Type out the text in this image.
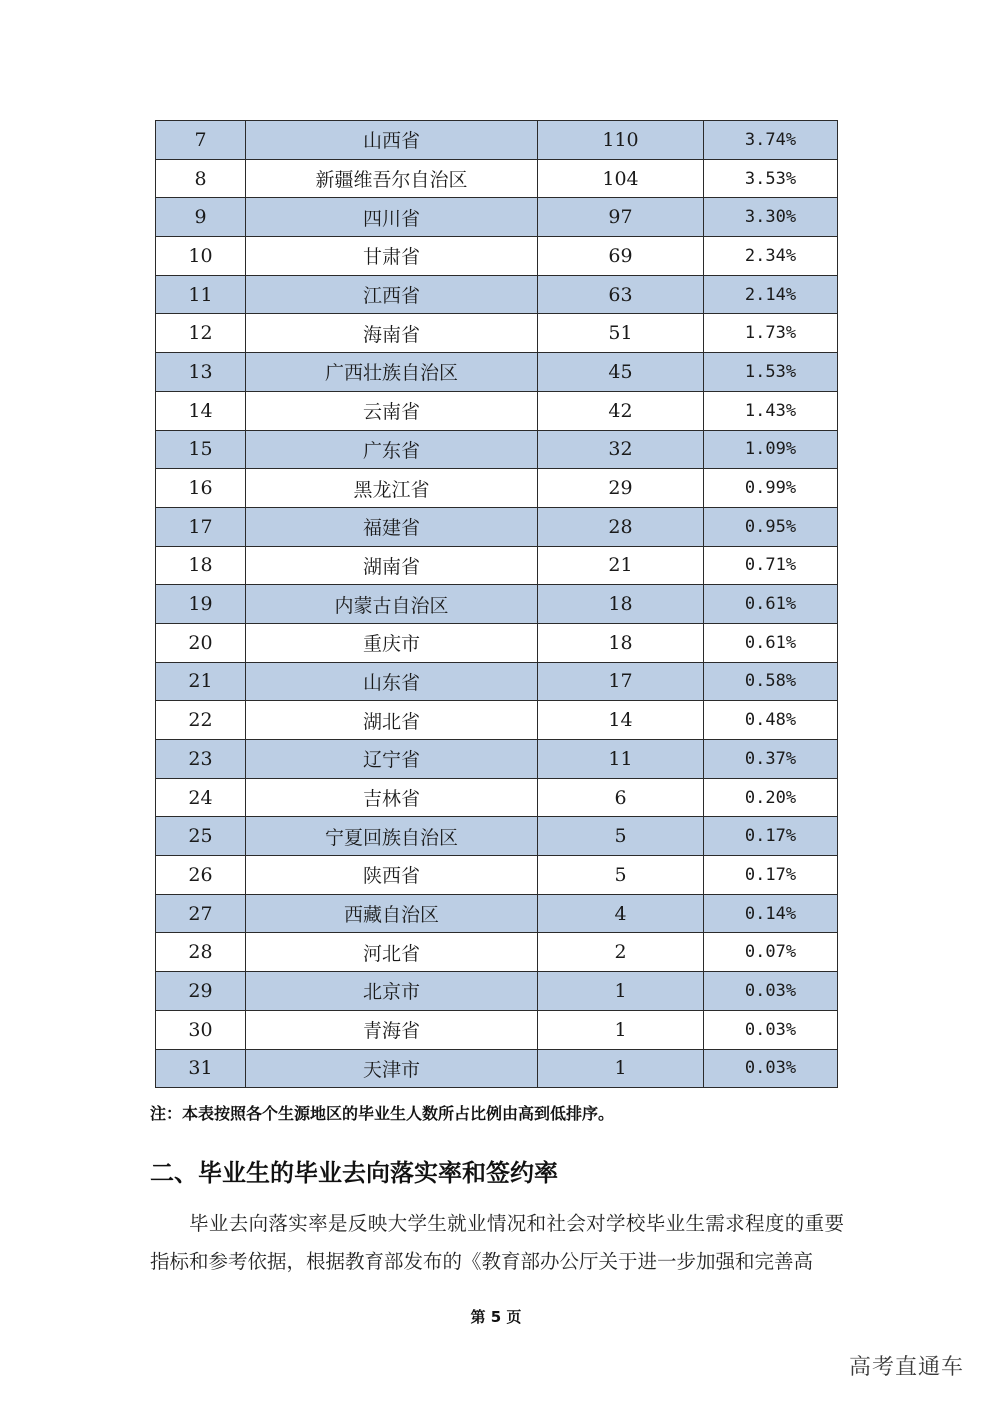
7	山西省	110	3.74%
8	新疆维吾尔自治区	104	3.53%
9	四川省	97	3.30%
10	甘肃省	69	2.34%
11	江西省	63	2.14%
12	海南省	51	1.73%
13	广西壮族自治区	45	1.53%
14	云南省	42	1.43%
15	广东省	32	1.09%
16	黑龙江省	29	0.99%
17	福建省	28	0.95%
18	湖南省	21	0.71%
19	内蒙古自治区	18	0.61%
20	重庆市	18	0.61%
21	山东省	17	0.58%
22	湖北省	14	0.48%
23	辽宁省	11	0.37%
24	吉林省	6	0.20%
25	宁夏回族自治区	5	0.17%
26	陕西省	5	0.17%
27	西藏自治区	4	0.14%
28	河北省	2	0.07%
29	北京市	1	0.03%
30	青海省	1	0.03%
31	天津市	1	0.03%
注：本表按照各个生源地区的毕业生人数所占比例由高到低排序。
二、毕业生的毕业去向落实率和签约率
毕业去向落实率是反映大学生就业情况和社会对学校毕业生需求程度的重要指标和参考依据，根据教育部发布的《教育部办公厅关于进一步加强和完善高
第 5 页
高考直通车
